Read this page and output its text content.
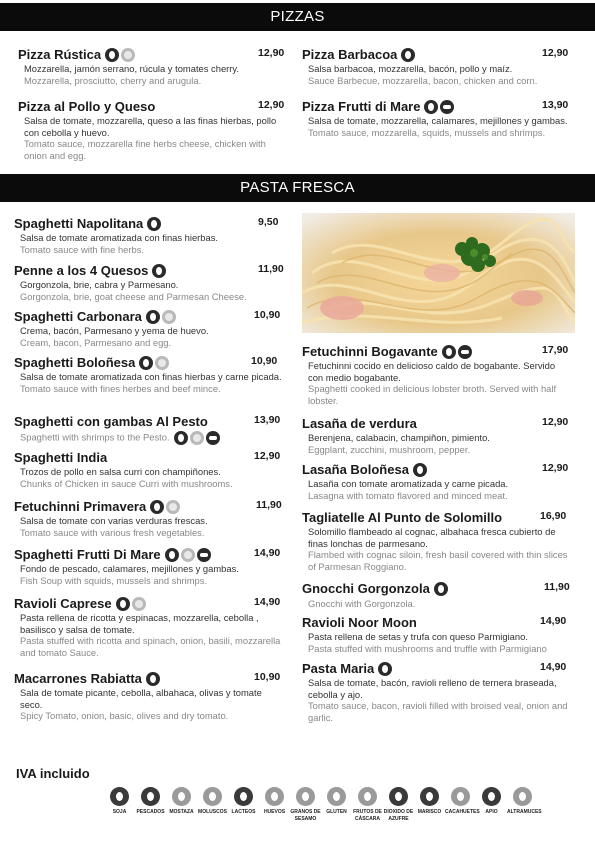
PIZZAS
Pizza Rústica	12,90
Mozzarella, jamón serrano, rúcula y tomates cherry.
Mozzarella, prosciutto, cherry and arugula.
Pizza Barbacoa	12,90
Salsa barbacoa, mozzarella, bacón, pollo y maíz.
Sauce Barbecue, mozzarella, bacon, chicken and corn.
Pizza al Pollo y Queso	12,90
Salsa de tomate, mozzarella, queso a las finas hierbas, pollo con cebolla y huevo.
Tomato sauce, mozzarella fine herbs cheese, chicken with onion and egg.
Pizza Frutti di Mare	13,90
Salsa de tomate, mozzarella, calamares, mejillones y gambas.
Tomato sauce, mozzarella, squids, mussels and shrimps.
PASTA FRESCA
Spaghetti Napolitana	9,50
Salsa de tomate aromatizada con finas hierbas.
Tomato sauce with fine herbs.
Penne a los 4 Quesos	11,90
Gorgonzola, brie, cabra y Parmesano.
Gorgonzola, brie, goat cheese and Parmesan Cheese.
Spaghetti Carbonara	10,90
Crema, bacón, Parmesano y yema de huevo.
Cream, bacon, Parmesano and egg.
Spaghetti Boloñesa	10,90
Salsa de tomate aromatizada con finas hierbas y carne picada.
Tomato sauce with fines herbes and beef mince.
Spaghetti con gambas Al Pesto	13,90
Spaghetti with shrimps to the Pesto.
Spaghetti India	12,90
Trozos de pollo en salsa curri con champiñones.
Chunks of Chicken in sauce Curri with mushrooms.
Fetuchinni Primavera	11,90
Salsa de tomate con varias verduras frescas.
Tomato sauce with various fresh vegetables.
Spaghetti Frutti Di Mare	14,90
Fondo de pescado, calamares, mejillones y gambas.
Fish Soup with squids, mussels and shrimps.
Ravioli Caprese	14,90
Pasta rellena de ricotta y espinacas, mozzarella, cebolla , basilisco y salsa de tomate.
Pasta stuffed with ricotta and spinach, onion, basili, mozzarella and tomato Sauce.
Macarrones Rabiatta	10,90
Sala de tomate picante, cebolla, albahaca, olivas y tomate seco.
Spicy Tomato, onion, basic, olives and dry tomato.
Fetuchinni Bogavante	17,90
Fetuchinni cocido en delicioso caldo de bogabante. Servido con medio bogabante.
Spaghetti cooked in delicious lobster broth. Served with half lobster.
Lasaña de verdura	12,90
Berenjena, calabacin, champiñon, pimiento.
Eggplant, zucchini, mushroom, pepper.
Lasaña Boloñesa	12,90
Lasaña con tomate aromatizada y carne picada.
Lasagna with tomato flavored and minced meat.
Tagliatelle Al Punto de Solomillo	16,90
Solomillo flambeado al cognac, albahaca fresca cubierto de finas lonchas de parmesano.
Flambed with cognac siloin, fresh basil covered with thin slices of Parmesan Roggiano.
Gnocchi Gorgonzola	11,90
Gnocchi with Gorgonzola.
Ravioli Noor Moon	14,90
Pasta rellena de setas y trufa con queso Parmigiano.
Pasta stuffed with mushrooms and truffle with Parmigiano
Pasta Maria	14,90
Salsa de tomate, bacón, ravioli relleno de ternera braseada, cebolla y ajo.
Tomato sauce, bacon, ravioli filled with broised veal, onion and garlic.
IVA incluido
SOJA	PESCADOS MOSTAZA MOLUSCOS LACTEOS	HUEVOS	GRANOS DE SESAMO
GLUTEN	FRUTOS DE CÁSCARA
DIOXIDO DE AZUFRE
MARISCO CACAHUETES	APIO	ALTRAMUCES
